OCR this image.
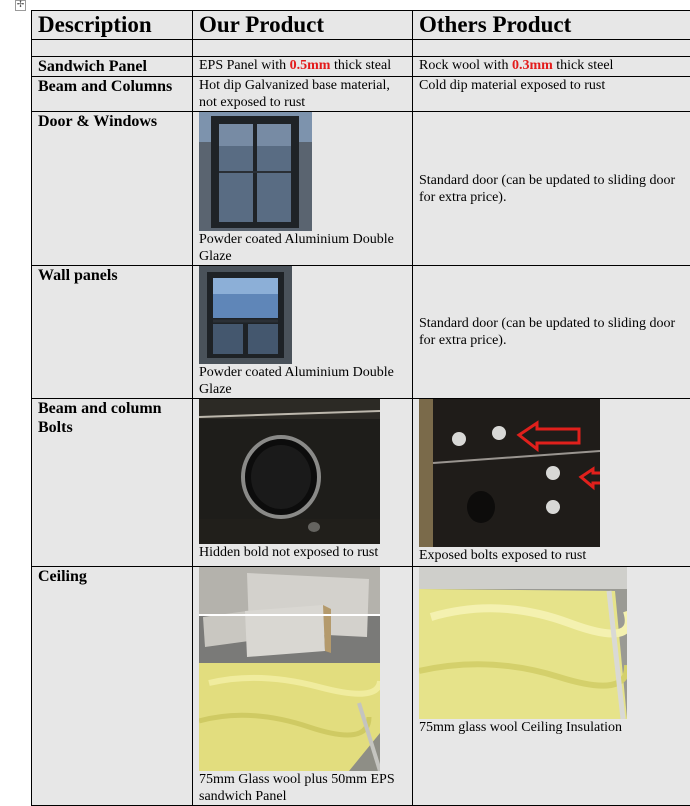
✢
Description	Our Product	Others Product

Sandwich Panel	EPS Panel with 0.5mm thick steal	Rock wool with 0.3mm thick steel
Beam and Columns	Hot dip Galvanized base material, not exposed to rust	Cold dip material exposed to rust
Door & Windows	Powder coated Aluminium Double Glaze	Standard door (can be updated to sliding door for extra price).
Wall panels	Powder coated Aluminium Double Glaze	Standard door (can be updated to sliding door for extra price).
Beam and column Bolts	Hidden bold not exposed to rust	Exposed bolts exposed to rust

Ceiling	75mm Glass wool plus 50mm EPS sandwich Panel	75mm glass wool Ceiling Insulation
